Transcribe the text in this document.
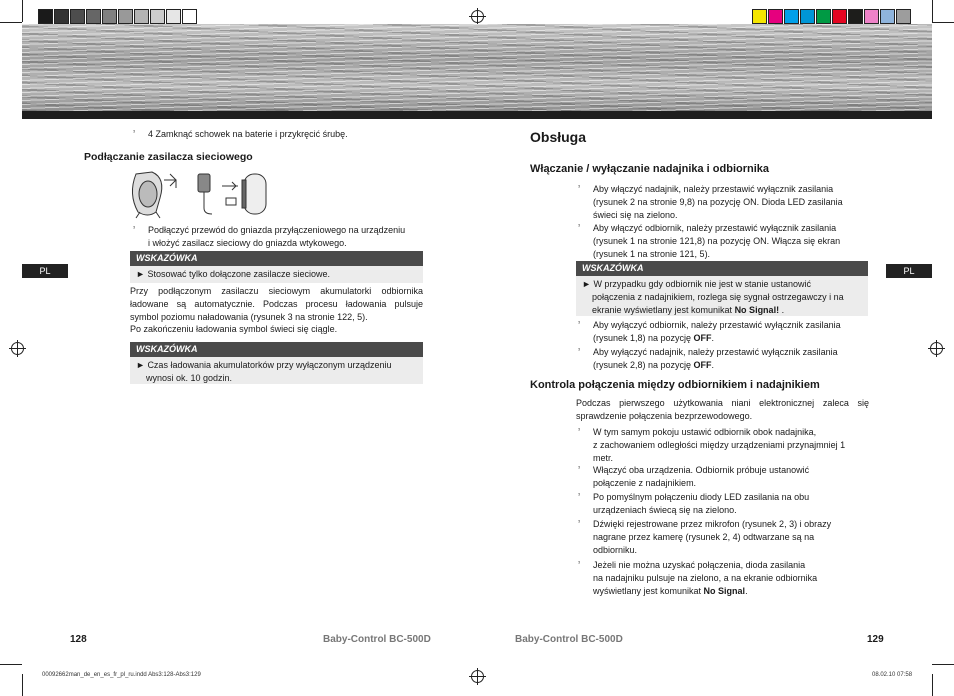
PL	PL
ᵓ 4 Zamknąć schowek na baterie i przykręcić śrubę.
Podłączanie zasilacza sieciowego
ᵓ Podłączyć przewód do gniazda przyłączeniowego na urządzeniu
i włożyć zasilacz sieciowy do gniazda wtykowego.
WSKAZÓWKA
► Stosować tylko dołączone zasilacze sieciowe.
Przy podłączonym zasilaczu sieciowym akumulatorki odbiornika
ładowane są automatycznie. Podczas procesu ładowania pulsuje
symbol poziomu naładowania (rysunek 3 na stronie 122, 5).
Po zakończeniu ładowania symbol świeci się ciągle.
WSKAZÓWKA
► Czas ładowania akumulatorków przy wyłączonym urządzeniu
wynosi ok. 10 godzin.
128	Baby-Control BC-500D
Obsługa
Włączanie / wyłączanie nadajnika i odbiornika
ᵓ Aby włączyć nadajnik, należy przestawić wyłącznik zasilania
(rysunek 2 na stronie 9,8) na pozycję ON. Dioda LED zasilania
świeci się na zielono.
ᵓ Aby włączyć odbiornik, należy przestawić wyłącznik zasilania
(rysunek 1 na stronie 121,8) na pozycję ON. Włącza się ekran
(rysunek 1 na stronie 121, 5).
WSKAZÓWKA
► W przypadku gdy odbiornik nie jest w stanie ustanowić
połączenia z nadajnikiem, rozlega się sygnał ostrzegawczy i na
ekranie wyświetlany jest komunikat No Signal! .
ᵓ Aby wyłączyć odbiornik, należy przestawić wyłącznik zasilania
(rysunek 1,8) na pozycję OFF.
ᵓ Aby wyłączyć nadajnik, należy przestawić wyłącznik zasilania
(rysunek 2,8) na pozycję OFF.
Kontrola połączenia między odbiornikiem i nadajnikiem
Podczas pierwszego użytkowania niani elektronicznej zaleca się
sprawdzenie połączenia bezprzewodowego.
ᵓ W tym samym pokoju ustawić odbiornik obok nadajnika,
z zachowaniem odległości między urządzeniami przynajmniej 1
metr.
ᵓ Włączyć oba urządzenia. Odbiornik próbuje ustanowić
połączenie z nadajnikiem.
ᵓ Po pomyślnym połączeniu diody LED zasilania na obu
urządzeniach świecą się na zielono.
ᵓ Dźwięki rejestrowane przez mikrofon (rysunek 2, 3) i obrazy
nagrane przez kamerę (rysunek 2, 4) odtwarzane są na
odbiorniku.
ᵓ Jeżeli nie można uzyskać połączenia, dioda zasilania
na nadajniku pulsuje na zielono, a na ekranie odbiornika
wyświetlany jest komunikat No Signal.
Baby-Control BC-500D	129
00092662man_de_en_es_fr_pl_ru.indd Abs3:128-Abs3:129	08.02.10 07:58
